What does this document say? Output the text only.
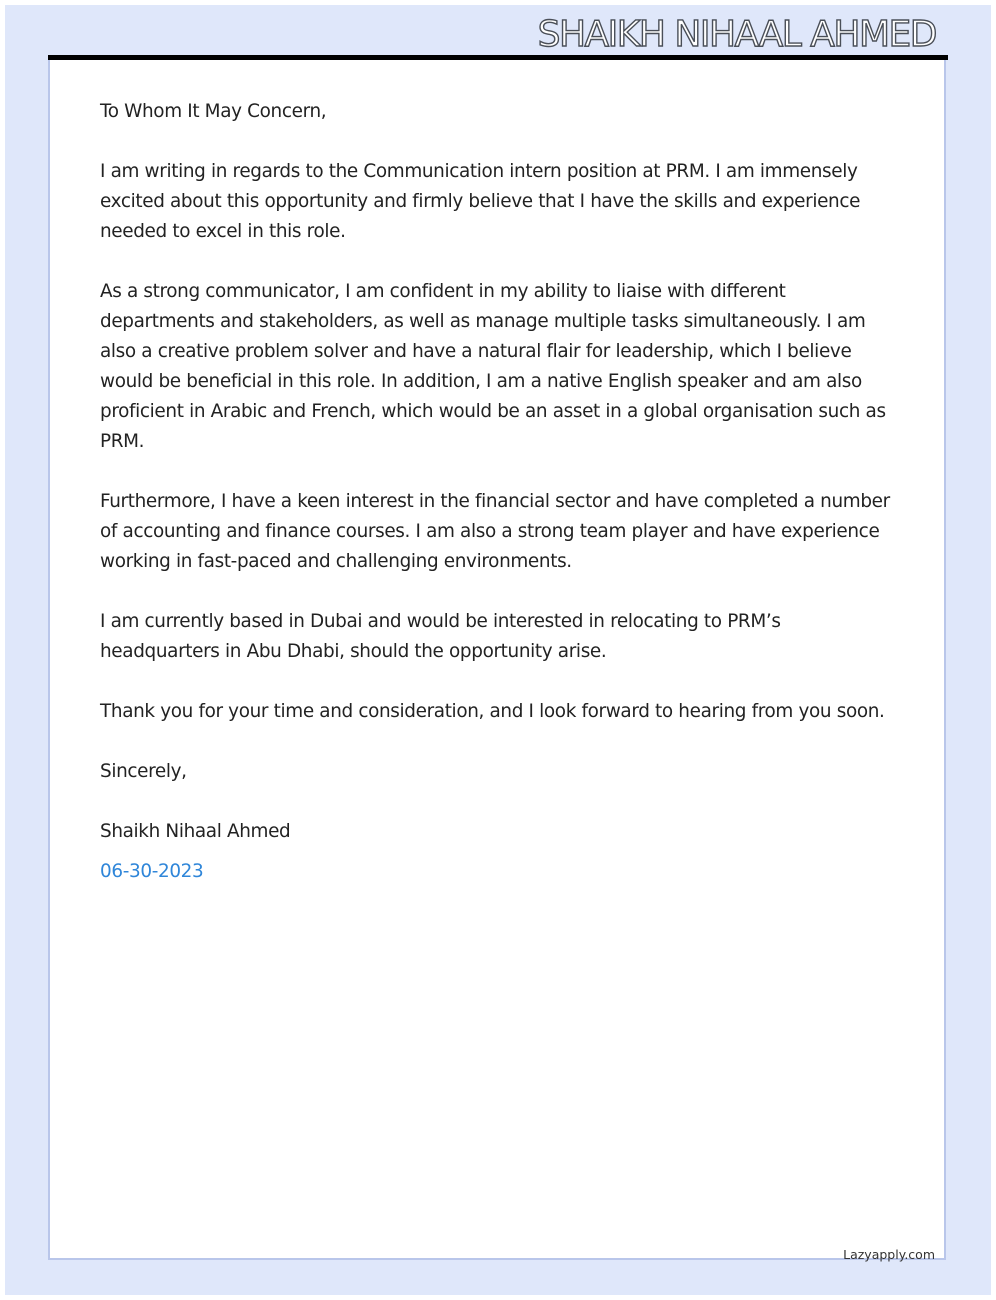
SHAIKH NIHAAL AHMED

To Whom It May Concern,

I am writing in regards to the Communication intern position at PRM. I am immensely excited about this opportunity and firmly believe that I have the skills and experience needed to excel in this role.

As a strong communicator, I am confident in my ability to liaise with different departments and stakeholders, as well as manage multiple tasks simultaneously. I am also a creative problem solver and have a natural flair for leadership, which I believe would be beneficial in this role. In addition, I am a native English speaker and am also proficient in Arabic and French, which would be an asset in a global organisation such as PRM.

Furthermore, I have a keen interest in the financial sector and have completed a number of accounting and finance courses. I am also a strong team player and have experience working in fast-paced and challenging environments.

I am currently based in Dubai and would be interested in relocating to PRM’s headquarters in Abu Dhabi, should the opportunity arise.

Thank you for your time and consideration, and I look forward to hearing from you soon.

Sincerely,

Shaikh Nihaal Ahmed

06-30-2023

Lazyapply.com
